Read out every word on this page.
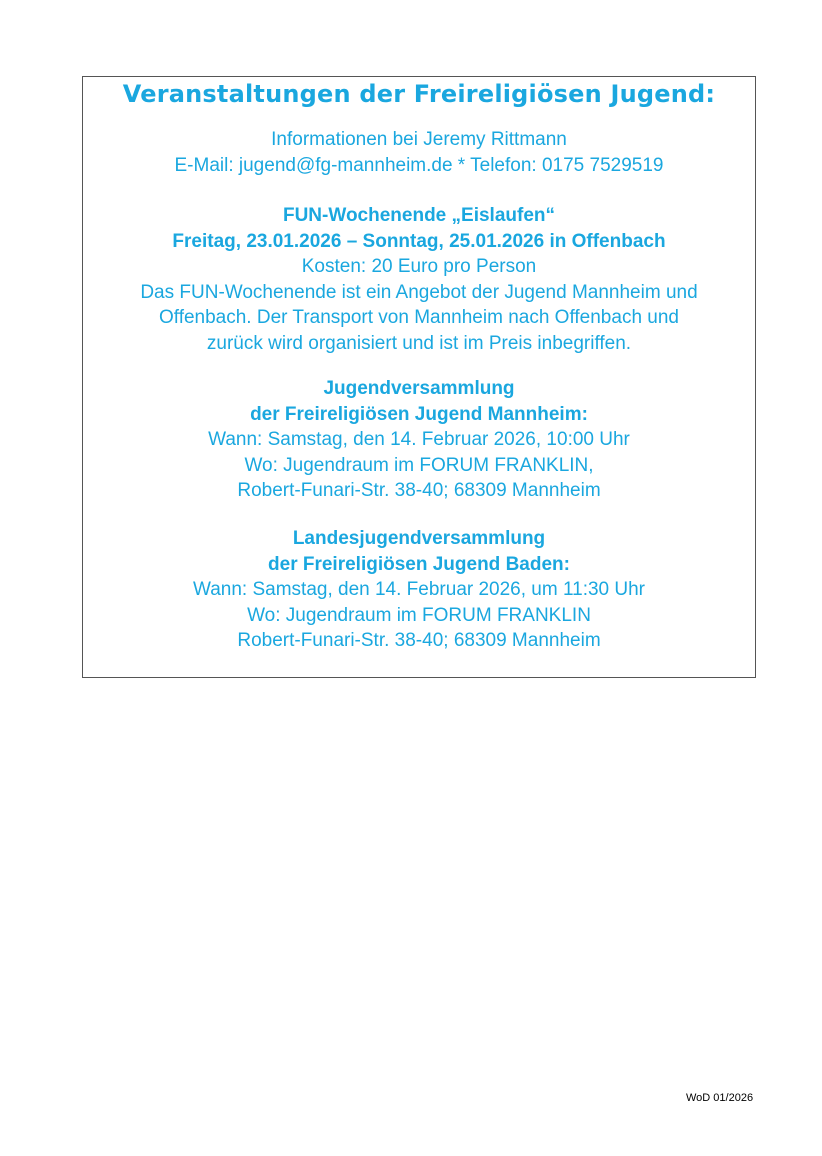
Veranstaltungen der Freireligiösen Jugend:
Informationen bei Jeremy Rittmann
E-Mail: jugend@fg-mannheim.de * Telefon: 0175 7529519
FUN-Wochenende „Eislaufen“
Freitag, 23.01.2026 – Sonntag, 25.01.2026 in Offenbach
Kosten: 20 Euro pro Person
Das FUN-Wochenende ist ein Angebot der Jugend Mannheim und
Offenbach. Der Transport von Mannheim nach Offenbach und
zurück wird organisiert und ist im Preis inbegriffen.
Jugendversammlung
der Freireligiösen Jugend Mannheim:
Wann: Samstag, den 14. Februar 2026, 10:00 Uhr
Wo: Jugendraum im FORUM FRANKLIN,
Robert-Funari-Str. 38-40; 68309 Mannheim
Landesjugendversammlung
der Freireligiösen Jugend Baden:
Wann: Samstag, den 14. Februar 2026, um 11:30 Uhr
Wo: Jugendraum im FORUM FRANKLIN
Robert-Funari-Str. 38-40; 68309 Mannheim
WoD 01/2026
